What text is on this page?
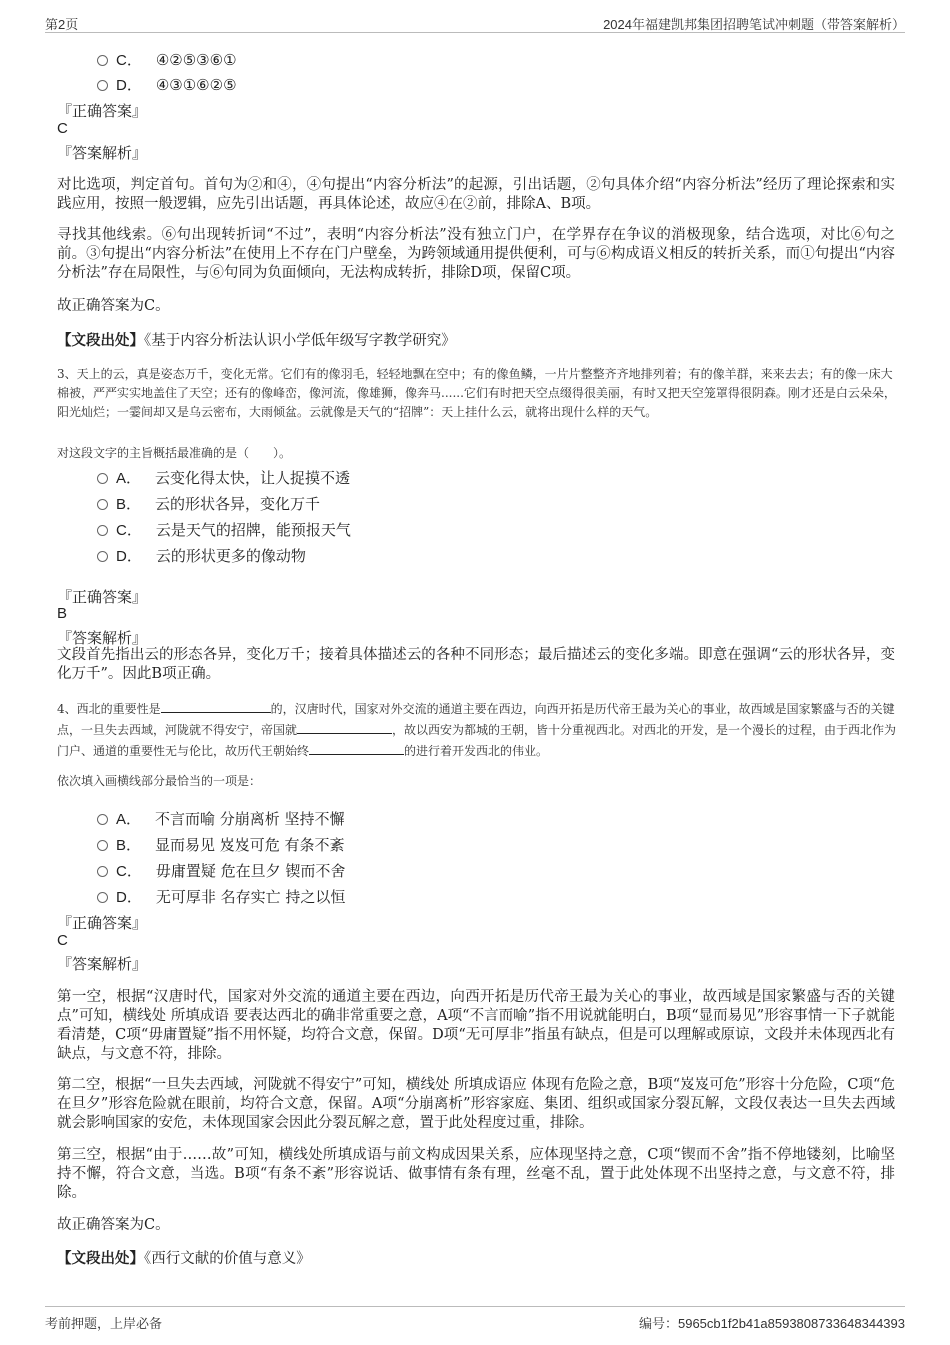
第2页	2024年福建凯邦集团招聘笔试冲刺题（带答案解析）
C． ④②⑤③⑥①
D． ④③①⑥②⑤
『正确答案』
C
『答案解析』
对比选项，判定首句。首句为②和④，④句提出“内容分析法”的起源，引出话题，②句具体介绍“内容分析法”经历了理论探索和实践应用，按照一般逻辑，应先引出话题，再具体论述，故应④在②前，排除A、B项。
寻找其他线索。⑥句出现转折词“不过”，表明“内容分析法”没有独立门户，在学界存在争议的消极现象，结合选项，对比⑥句之前。③句提出“内容分析法”在使用上不存在门户壁垒，为跨领域通用提供便利，可与⑥构成语义相反的转折关系，而①句提出“内容分析法”存在局限性，与⑥句同为负面倾向，无法构成转折，排除D项，保留C项。
故正确答案为C。
【文段出处】《基于内容分析法认识小学低年级写字教学研究》
3、天上的云，真是姿态万千，变化无常。它们有的像羽毛，轻轻地飘在空中；有的像鱼鳞，一片片整整齐齐地排列着；有的像羊群，来来去去；有的像一床大棉被，严严实实地盖住了天空；还有的像峰峦，像河流，像雄狮，像奔马......它们有时把天空点缀得很美丽，有时又把天空笼罩得很阴森。刚才还是白云朵朵，阳光灿烂；一霎间却又是乌云密布，大雨倾盆。云就像是天气的“招牌”：天上挂什么云，就将出现什么样的天气。
对这段文字的主旨概括最准确的是（　　）。
A． 云变化得太快，让人捉摸不透
B． 云的形状各异，变化万千
C． 云是天气的招牌，能预报天气
D． 云的形状更多的像动物
『正确答案』
B
『答案解析』
文段首先指出云的形态各异，变化万千；接着具体描述云的各种不同形态；最后描述云的变化多端。即意在强调“云的形状各异，变化万千”。因此B项正确。
4、西北的重要性是	的，汉唐时代，国家对外交流的通道主要在西边，向西开拓是历代帝王最为关心的事业，故西域是国家繁盛与否的关键点，一旦失去西域，河陇就不得安宁，帝国就	，故以西安为都城的王朝，皆十分重视西北。对西北的开发，是一个漫长的过程，由于西北作为门户、通道的重要性无与伦比，故历代王朝始终	的进行着开发西北的伟业。
依次填入画横线部分最恰当的一项是：
A． 不言而喻 分崩离析 坚持不懈
B． 显而易见 岌岌可危 有条不紊
C． 毋庸置疑 危在旦夕 锲而不舍
D． 无可厚非 名存实亡 持之以恒
『正确答案』
C
『答案解析』
第一空，根据“汉唐时代，国家对外交流的通道主要在西边，向西开拓是历代帝王最为关心的事业，故西域是国家繁盛与否的关键点”可知，横线处 所填成语 要表达西北的确非常重要之意，A项“不言而喻”指不用说就能明白，B项“显而易见”形容事情一下子就能看清楚，C项“毋庸置疑”指不用怀疑，均符合文意，保留。D项“无可厚非”指虽有缺点，但是可以理解或原谅，文段并未体现西北有缺点，与文意不符，排除。
第二空，根据“一旦失去西域，河陇就不得安宁”可知，横线处 所填成语应 体现有危险之意，B项“岌岌可危”形容十分危险，C项“危在旦夕”形容危险就在眼前，均符合文意，保留。A项“分崩离析”形容家庭、集团、组织或国家分裂瓦解，文段仅表达一旦失去西域就会影响国家的安危，未体现国家会因此分裂瓦解之意，置于此处程度过重，排除。
第三空，根据“由于……故”可知，横线处所填成语与前文构成因果关系，应体现坚持之意，C项“锲而不舍”指不停地镂刻，比喻坚持不懈，符合文意，当选。B项“有条不紊”形容说话、做事情有条有理，丝毫不乱，置于此处体现不出坚持之意，与文意不符，排除。
故正确答案为C。
【文段出处】《西行文献的价值与意义》
考前押题，上岸必备	编号：5965cb1f2b41a8593808733648344393
